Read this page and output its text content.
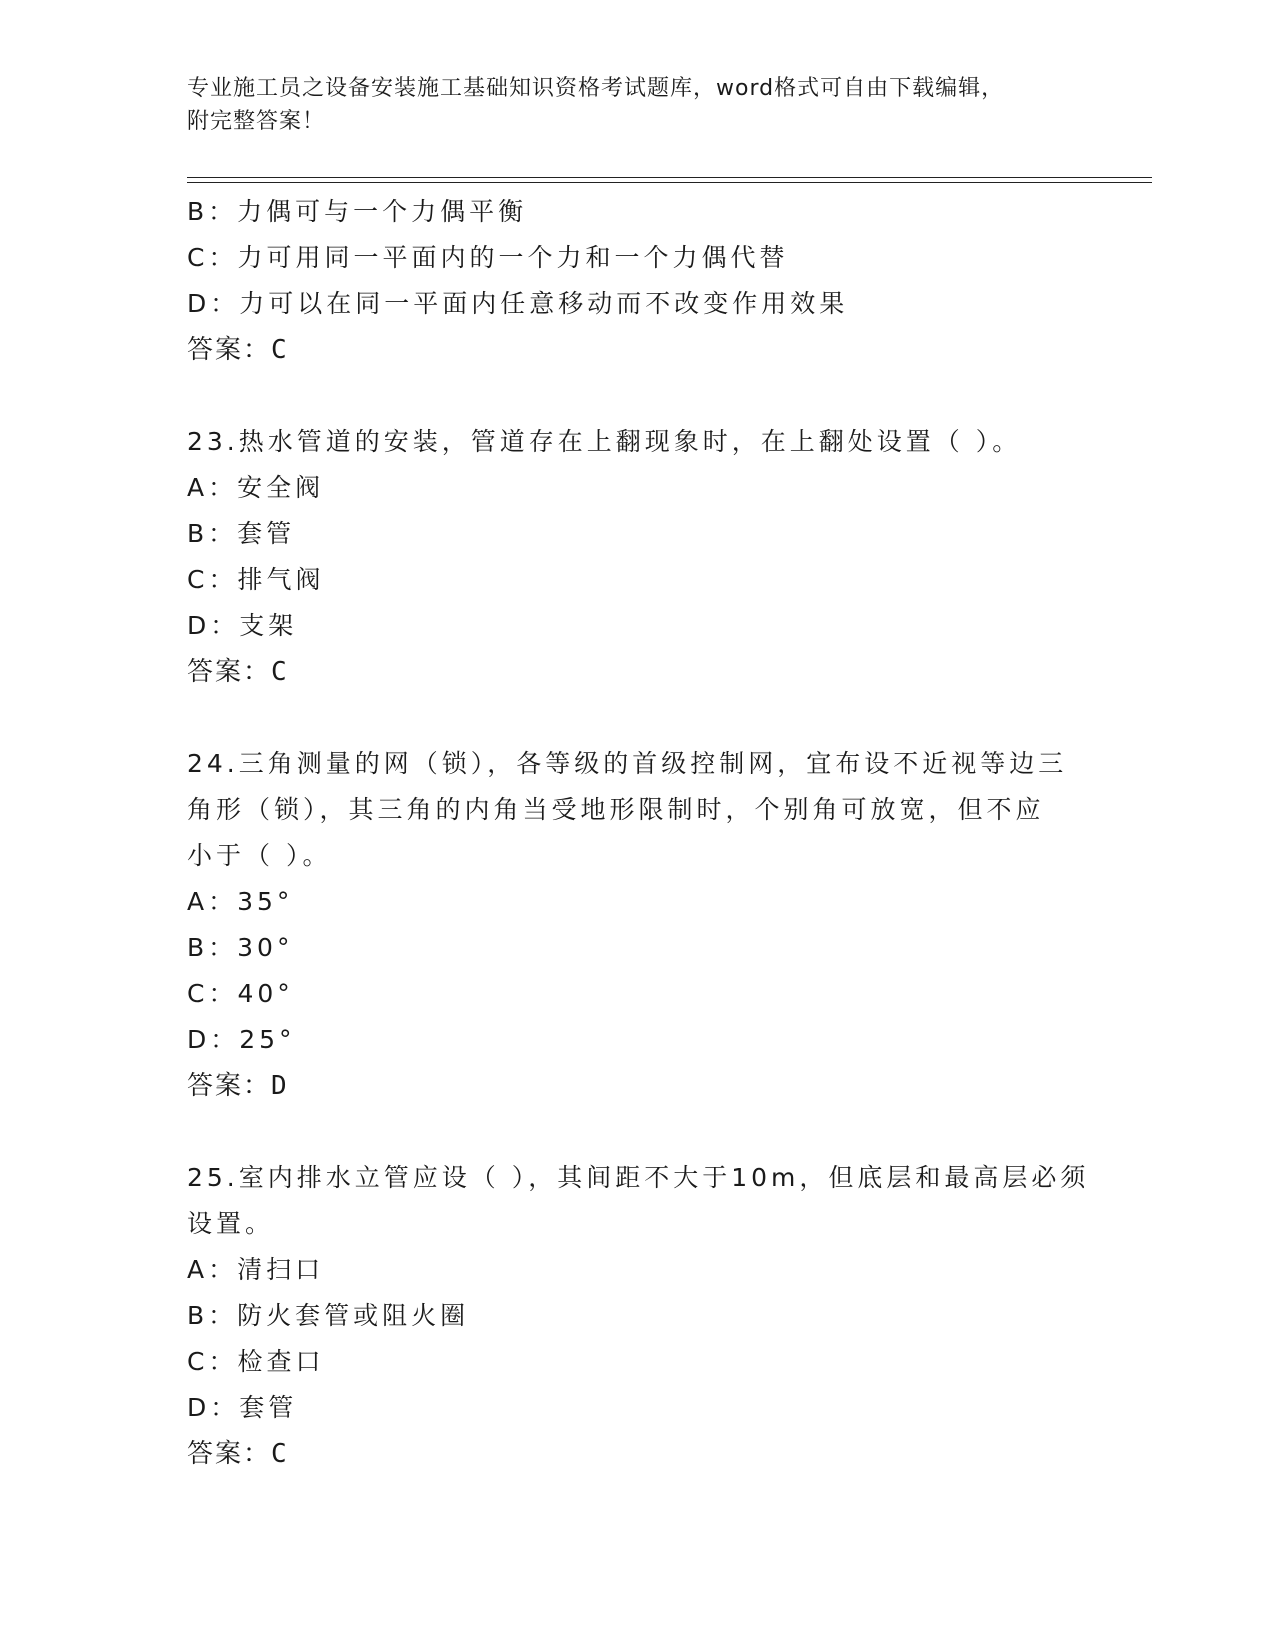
专业施工员之设备安装施工基础知识资格考试题库，word格式可自由下载编辑，
附完整答案！
B：力偶可与一个力偶平衡
C：力可用同一平面内的一个力和一个力偶代替
D：力可以在同一平面内任意移动而不改变作用效果
答案：C
23.热水管道的安装，管道存在上翻现象时，在上翻处设置（ ）。
A：安全阀
B：套管
C：排气阀
D：支架
答案：C
24.三角测量的网（锁），各等级的首级控制网，宜布设不近视等边三
角形（锁），其三角的内角当受地形限制时，个别角可放宽，但不应
小于（ ）。
A：35°
B：30°
C：40°
D：25°
答案：D
25.室内排水立管应设（ ），其间距不大于10m，但底层和最高层必须
设置。
A：清扫口
B：防火套管或阻火圈
C：检查口
D：套管
答案：C
